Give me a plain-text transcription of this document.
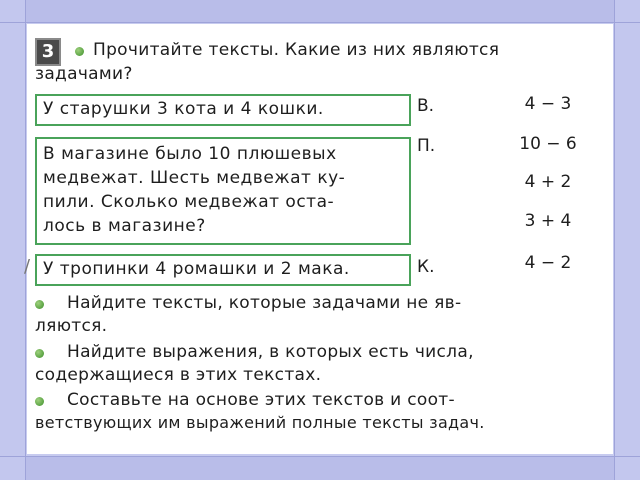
3	Прочитайте тексты. Какие из них являются
задачами?
У старушки 3 кота и 4 кошки.
В магазине было 10 плюшевых
медвежат. Шесть медвежат ку-
пили. Сколько медвежат оста-
лось в магазине?
У тропинки 4 ромашки и 2 мака.
/
В.
П.
К.
4 − 3
10 − 6
4 + 2
3 + 4
4 − 2
Найдите тексты, которые задачами не яв-
ляются.
Найдите выражения, в которых есть числа,
содержащиеся в этих текстах.
Составьте на основе этих текстов и соот-
ветствующих им выражений полные тексты задач.
